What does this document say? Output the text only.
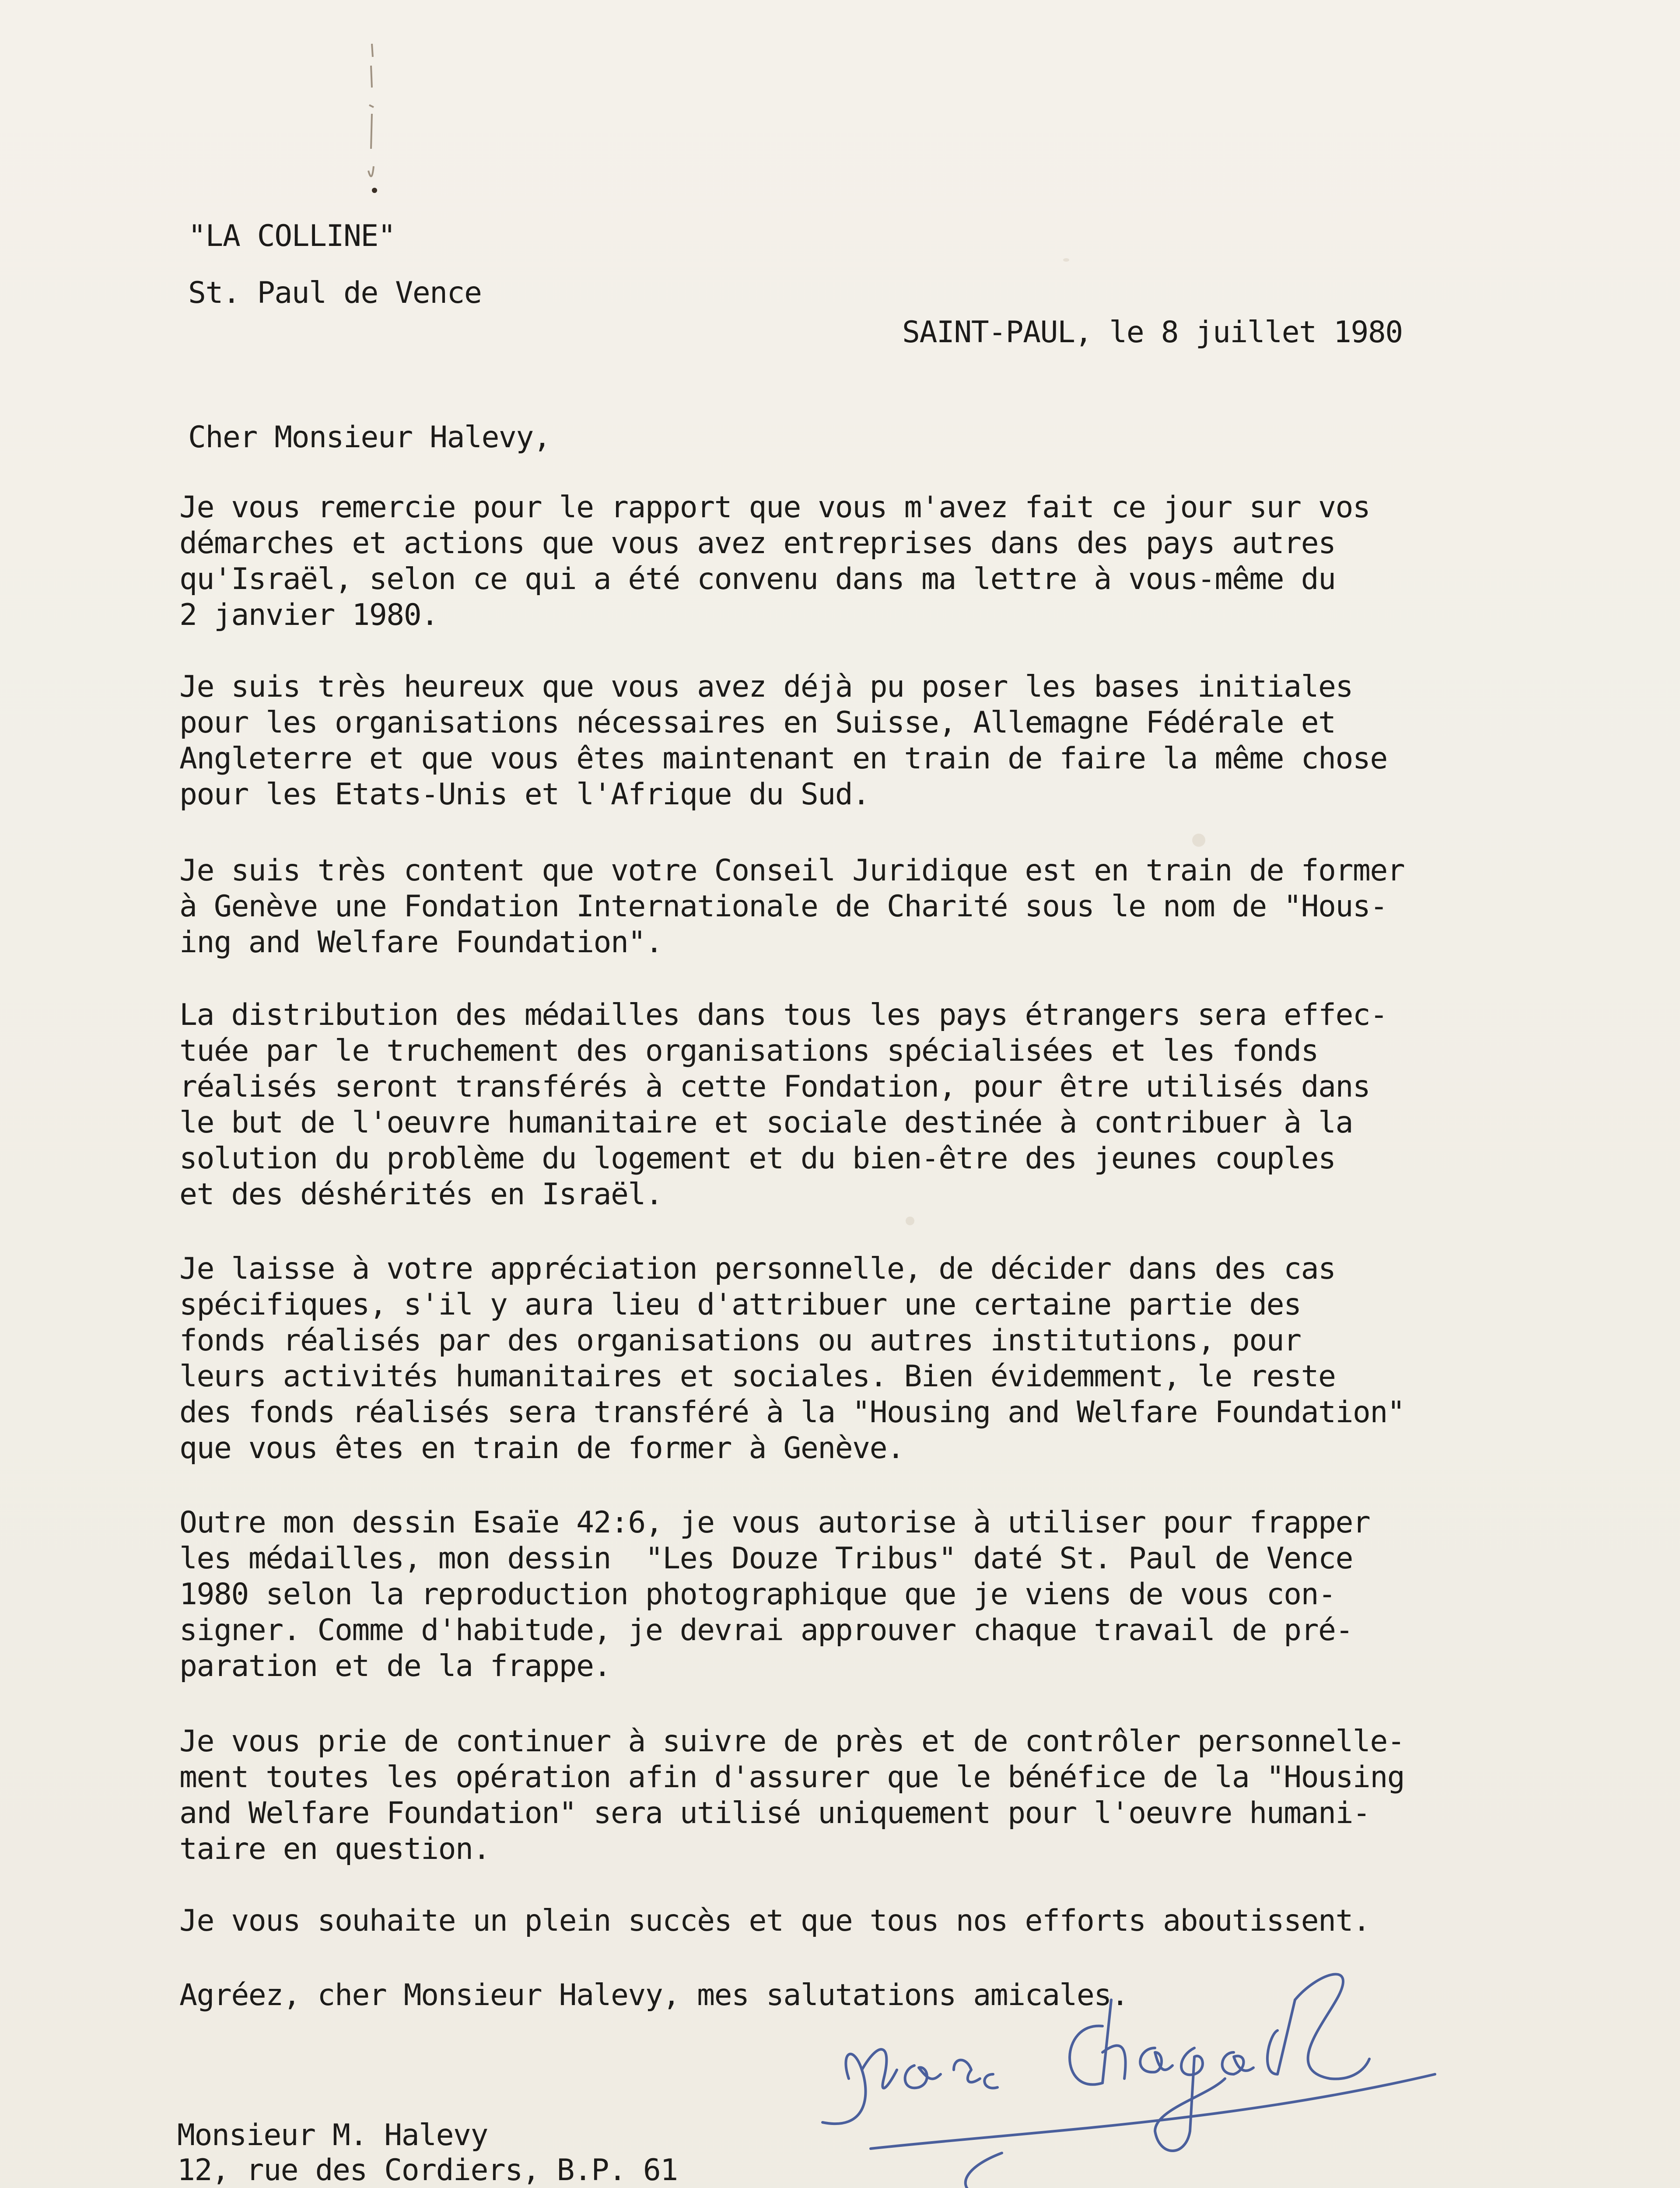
"LA COLLINE"
St. Paul de Vence
SAINT-PAUL, le 8 juillet 1980
Cher Monsieur Halevy,
Je vous remercie pour le rapport que vous m'avez fait ce jour sur vos
démarches et actions que vous avez entreprises dans des pays autres
qu'Israël, selon ce qui a été convenu dans ma lettre à vous-même du
2 janvier 1980.
Je suis très heureux que vous avez déjà pu poser les bases initiales
pour les organisations nécessaires en Suisse, Allemagne Fédérale et
Angleterre et que vous êtes maintenant en train de faire la même chose
pour les Etats-Unis et l'Afrique du Sud.
Je suis très content que votre Conseil Juridique est en train de former
à Genève une Fondation Internationale de Charité sous le nom de "Hous-
ing and Welfare Foundation".
La distribution des médailles dans tous les pays étrangers sera effec-
tuée par le truchement des organisations spécialisées et les fonds
réalisés seront transférés à cette Fondation, pour être utilisés dans
le but de l'oeuvre humanitaire et sociale destinée à contribuer à la
solution du problème du logement et du bien-être des jeunes couples
et des déshérités en Israël.
Je laisse à votre appréciation personnelle, de décider dans des cas
spécifiques, s'il y aura lieu d'attribuer une certaine partie des
fonds réalisés par des organisations ou autres institutions, pour
leurs activités humanitaires et sociales. Bien évidemment, le reste
des fonds réalisés sera transféré à la "Housing and Welfare Foundation"
que vous êtes en train de former à Genève.
Outre mon dessin Esaïe 42:6, je vous autorise à utiliser pour frapper
les médailles, mon dessin  "Les Douze Tribus" daté St. Paul de Vence
1980 selon la reproduction photographique que je viens de vous con-
signer. Comme d'habitude, je devrai approuver chaque travail de pré-
paration et de la frappe.
Je vous prie de continuer à suivre de près et de contrôler personnelle-
ment toutes les opération afin d'assurer que le bénéfice de la "Housing
and Welfare Foundation" sera utilisé uniquement pour l'oeuvre humani-
taire en question.
Je vous souhaite un plein succès et que tous nos efforts aboutissent.
Agréez, cher Monsieur Halevy, mes salutations amicales.
Monsieur M. Halevy
12, rue des Cordiers, B.P. 61
